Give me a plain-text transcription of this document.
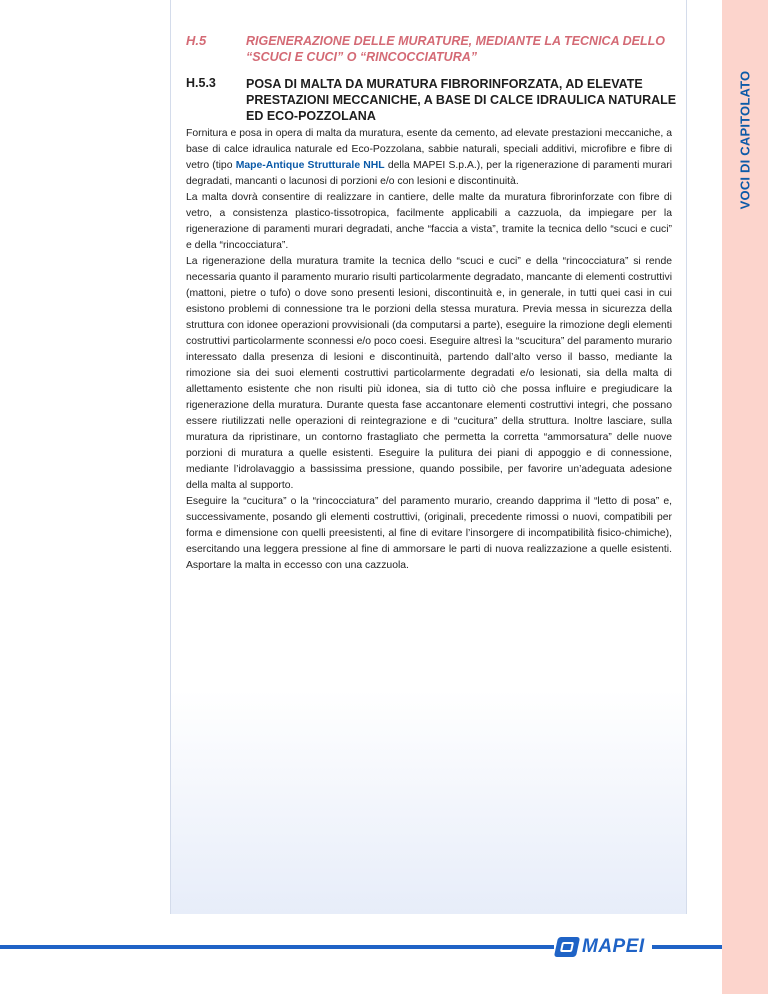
VOCI DI CAPITOLATO
H.5	RIGENERAZIONE DELLE MURATURE, MEDIANTE LA TECNICA DELLO “SCUCI E CUCI” O “RINCOCCIATURA”
H.5.3 POSA DI MALTA DA MURATURA FIBRORINFORZATA, AD ELEVATE PRESTAZIONI MECCANICHE, A BASE DI CALCE IDRAULICA NATURALE ED ECO-POZZOLANA

Fornitura e posa in opera di malta da muratura, esente da cemento, ad elevate prestazioni meccaniche, a base di calce idraulica naturale ed Eco-Pozzolana, sabbie naturali, speciali additivi, microfibre e fibre di vetro (tipo Mape-Antique Strutturale NHL della MAPEI S.p.A.), per la rigenerazione di paramenti murari degradati, mancanti o lacunosi di porzioni e/o con lesioni e discontinuità.

La malta dovrà consentire di realizzare in cantiere, delle malte da muratura fibrorinforzate con fibre di vetro, a consistenza plastico-tissotropica, facilmente applicabili a cazzuola, da impiegare per la rigenerazione di paramenti murari degradati, anche “faccia a vista”, tramite la tecnica dello “scuci e cuci” e della “rincocciatura”.

La rigenerazione della muratura tramite la tecnica dello “scuci e cuci” e della “rincocciatura” si rende necessaria quanto il paramento murario risulti particolarmente degradato, mancante di elementi costruttivi (mattoni, pietre o tufo) o dove sono presenti lesioni, discontinuità e, in generale, in tutti quei casi in cui esistono problemi di connessione tra le porzioni della stessa muratura. Previa messa in sicurezza della struttura con idonee operazioni provvisionali (da computarsi a parte), eseguire la rimozione degli elementi costruttivi particolarmente sconnessi e/o poco coesi. Eseguire altresì la “scucitura” del paramento murario interessato dalla presenza di lesioni e discontinuità, partendo dall’alto verso il basso, mediante la rimozione sia dei suoi elementi costruttivi particolarmente degradati e/o lesionati, sia della malta di allettamento esistente che non risulti più idonea, sia di tutto ciò che possa influire e pregiudicare la rigenerazione della muratura. Durante questa fase accantonare elementi costruttivi integri, che possano essere riutilizzati nelle operazioni di reintegrazione e di “cucitura” della struttura. Inoltre lasciare, sulla muratura da ripristinare, un contorno frastagliato che permetta la corretta “ammorsatura” delle nuove porzioni di muratura a quelle esistenti. Eseguire la pulitura dei piani di appoggio e di connessione, mediante l’idrolavaggio a bassissima pressione, quando possibile, per favorire un’adeguata adesione della malta al supporto.

Eseguire la “cucitura” o la “rincocciatura” del paramento murario, creando dapprima il “letto di posa” e, successivamente, posando gli elementi costruttivi, (originali, precedente rimossi o nuovi, compatibili per forma e dimensione con quelli preesistenti, al fine di evitare l’insorgere di incompatibilità fisico-chimiche), esercitando una leggera pressione al fine di ammorsare le parti di nuova realizzazione a quelle esistenti. Asportare la malta in eccesso con una cazzuola.

MAPEI
